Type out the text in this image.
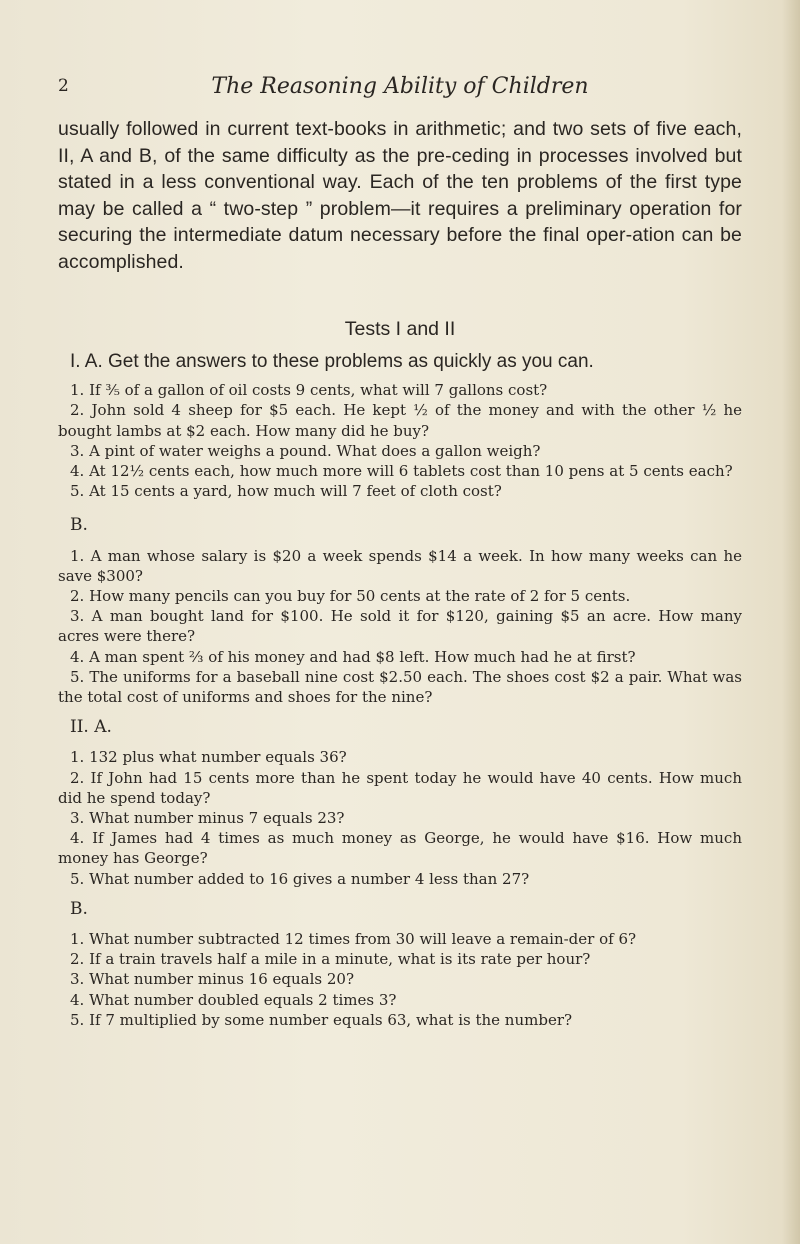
2	The Reasoning Ability of Children

usually followed in current text-books in arithmetic; and two sets of five each, II, A and B, of the same difficulty as the pre-ceding in processes involved but stated in a less conventional way. Each of the ten problems of the first type may be called a “ two-step ” problem—it requires a preliminary operation for securing the intermediate datum necessary before the final oper-ation can be accomplished.

Tests I and II
I. A. Get the answers to these problems as quickly as you can.

1. If ⅗ of a gallon of oil costs 9 cents, what will 7 gallons cost?

2. John sold 4 sheep for $5 each. He kept ½ of the money and with the other ½ he bought lambs at $2 each. How many did he buy?

3. A pint of water weighs a pound. What does a gallon weigh?

4. At 12½ cents each, how much more will 6 tablets cost than 10 pens at 5 cents each?

5. At 15 cents a yard, how much will 7 feet of cloth cost?

B.

1. A man whose salary is $20 a week spends $14 a week. In how many weeks can he save $300?

2. How many pencils can you buy for 50 cents at the rate of 2 for 5 cents.

3. A man bought land for $100. He sold it for $120, gaining $5 an acre. How many acres were there?

4. A man spent ⅔ of his money and had $8 left. How much had he at first?

5. The uniforms for a baseball nine cost $2.50 each. The shoes cost $2 a pair. What was the total cost of uniforms and shoes for the nine?

II. A.

1. 132 plus what number equals 36?

2. If John had 15 cents more than he spent today he would have 40 cents. How much did he spend today?

3. What number minus 7 equals 23?

4. If James had 4 times as much money as George, he would have $16. How much money has George?

5. What number added to 16 gives a number 4 less than 27?

B.

1. What number subtracted 12 times from 30 will leave a remain-der of 6?

2. If a train travels half a mile in a minute, what is its rate per hour?

3. What number minus 16 equals 20?

4. What number doubled equals 2 times 3?

5. If 7 multiplied by some number equals 63, what is the number?
